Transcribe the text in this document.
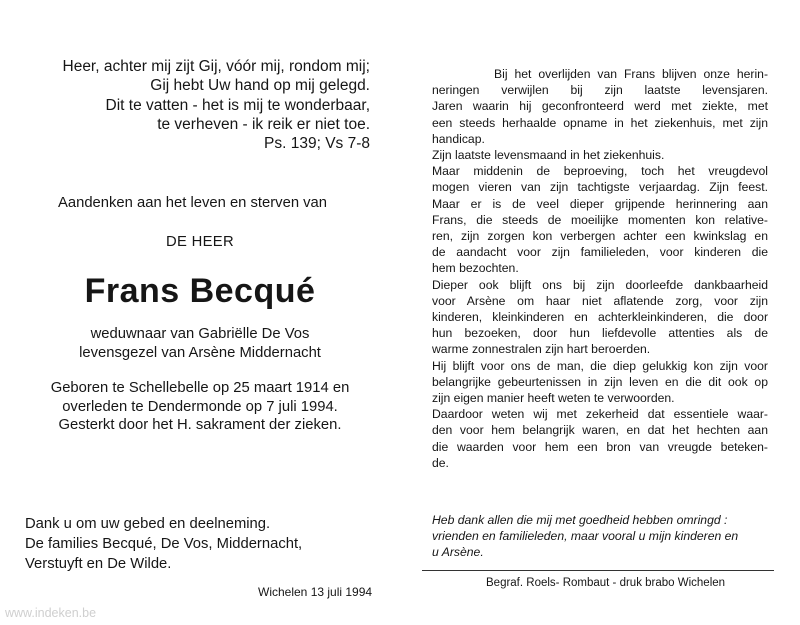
Heer, achter mij zijt Gij, vóór mij, rondom mij;
Gij hebt Uw hand op mij gelegd.
Dit te vatten - het is mij te wonderbaar,
te verheven - ik reik er niet toe.
Ps. 139; Vs 7-8
Aandenken aan het leven en sterven van
DE HEER
Frans Becqué
weduwnaar van Gabriëlle De Vos
levensgezel van Arsène Middernacht
Geboren te Schellebelle op 25 maart 1914 en
overleden te Dendermonde op 7 juli 1994.
Gesterkt door het H. sakrament der zieken.
Dank u om uw gebed en deelneming.
De families Becqué, De Vos, Middernacht,
Verstuyft en De Wilde.
Wichelen 13 juli 1994
www.indeken.be
Bij het overlijden van Frans blijven onze herin-
neringen verwijlen bij zijn laatste levensjaren.
Jaren waarin hij geconfronteerd werd met ziekte, met
een steeds herhaalde opname in het ziekenhuis, met zijn
handicap.
Zijn laatste levensmaand in het ziekenhuis.
Maar middenin de beproeving, toch het vreugdevol
mogen vieren van zijn tachtigste verjaardag. Zijn feest.
Maar er is de veel dieper grijpende herinnering aan
Frans, die steeds de moeilijke momenten kon relative-
ren, zijn zorgen kon verbergen achter een kwinkslag en
de aandacht voor zijn familieleden, voor kinderen die
hem bezochten.
Dieper ook blijft ons bij zijn doorleefde dankbaarheid
voor Arsène om haar niet aflatende zorg, voor zijn
kinderen, kleinkinderen en achterkleinkinderen, die door
hun bezoeken, door hun liefdevolle attenties als de
warme zonnestralen zijn hart beroerden.
Hij blijft voor ons de man, die diep gelukkig kon zijn voor
belangrijke gebeurtenissen in zijn leven en die dit ook op
zijn eigen manier heeft weten te verwoorden.
Daardoor weten wij met zekerheid dat essentiele waar-
den voor hem belangrijk waren, en dat het hechten aan
die waarden voor hem een bron van vreugde beteken-
de.
Heb dank allen die mij met goedheid hebben omringd :
vrienden en familieleden, maar vooral u mijn kinderen en
u Arsène.
Begraf. Roels- Rombaut - druk brabo Wichelen
